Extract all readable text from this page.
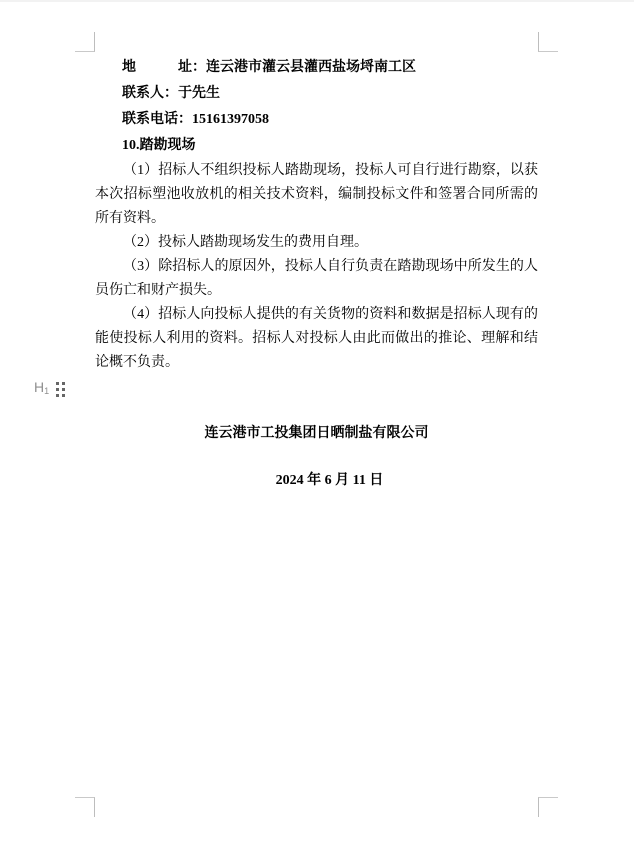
地　　　址：连云港市灌云县灌西盐场埒南工区
联系人：于先生
联系电话：15161397058
10.踏勘现场

（1）招标人不组织投标人踏勘现场，投标人可自行进行勘察，以获本次招标塑池收放机的相关技术资料，编制投标文件和签署合同所需的所有资料。

（2）投标人踏勘现场发生的费用自理。

（3）除招标人的原因外，投标人自行负责在踏勘现场中所发生的人员伤亡和财产损失。

（4）招标人向投标人提供的有关货物的资料和数据是招标人现有的能使投标人利用的资料。招标人对投标人由此而做出的推论、理解和结论概不负责。

$H_1$
连云港市工投集团日晒制盐有限公司
2024 年 6 月 11 日
